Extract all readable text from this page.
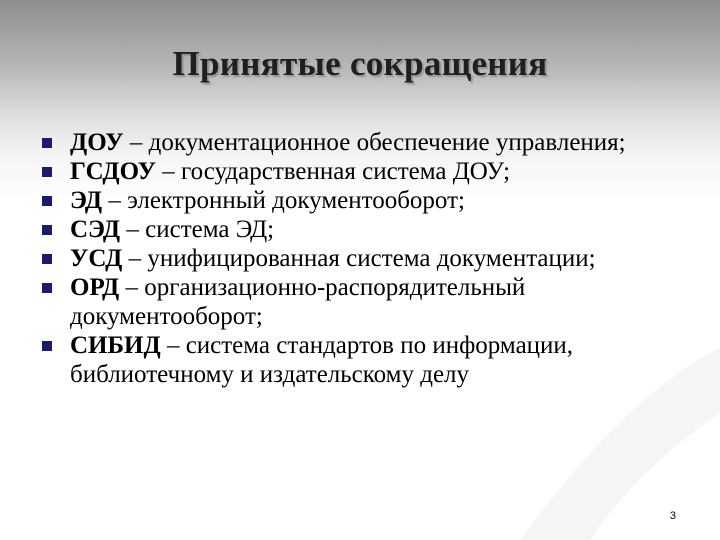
Принятые сокращения
ДОУ – документационное обеспечение управления;
ГСДОУ – государственная система ДОУ;
ЭД – электронный документооборот;
СЭД – система ЭД;
УСД – унифицированная система документации;
ОРД – организационно-распорядительный документооборот;
СИБИД – система стандартов по информации, библиотечному и издательскому делу
3
